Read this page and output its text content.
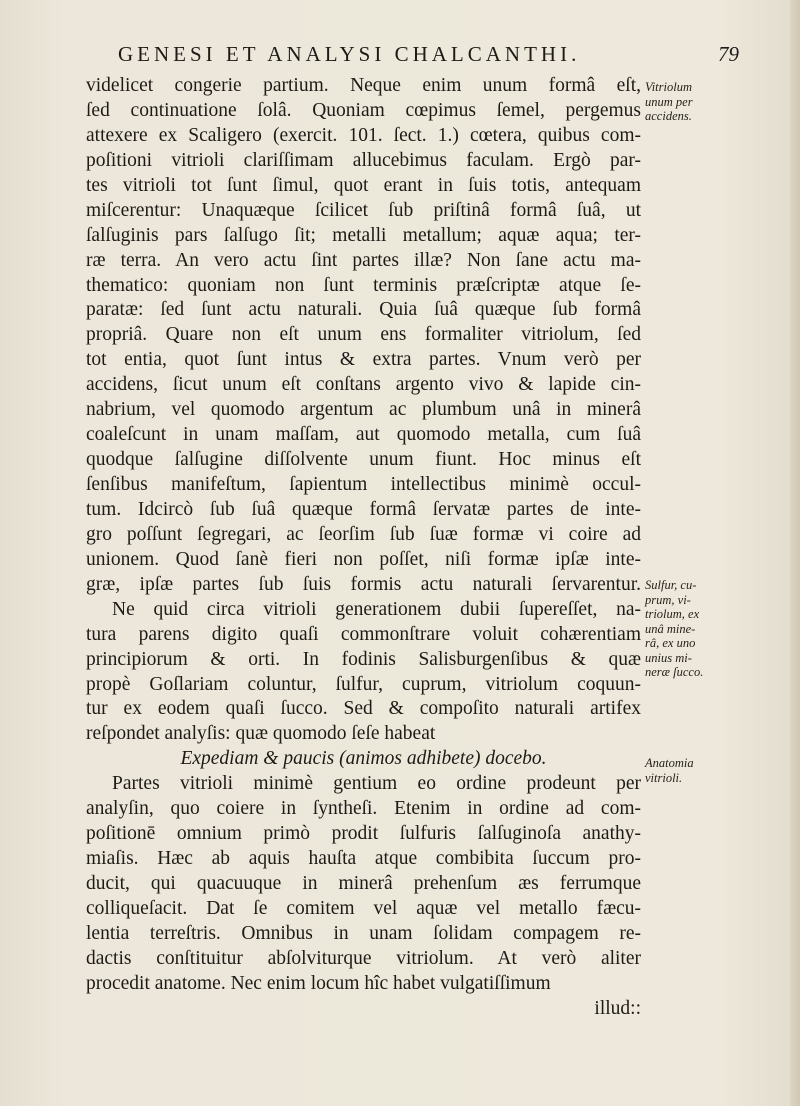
GENESI ET ANALYSI CHALCANTHI.	79
videlicet congerie partium. Neque enim unum formâ eſt,
ſed continuatione ſolâ. Quoniam cœpimus ſemel, pergemus
attexere ex Scaligero (exercit. 101. ſect. 1.) cœtera, quibus com-
poſitioni vitrioli clariſſimam allucebimus faculam. Ergò par-
tes vitrioli tot ſunt ſimul, quot erant in ſuis totis, antequam
miſcerentur: Unaquæque ſcilicet ſub priſtinâ formâ ſuâ, ut
ſalſuginis pars ſalſugo ſit; metalli metallum; aquæ aqua; ter-
ræ terra. An vero actu ſint partes illæ? Non ſane actu ma-
thematico: quoniam non ſunt terminis præſcriptæ atque ſe-
paratæ: ſed ſunt actu naturali. Quia ſuâ quæque ſub formâ
propriâ. Quare non eſt unum ens formaliter vitriolum, ſed
tot entia, quot ſunt intus & extra partes. Vnum verò per
accidens, ſicut unum eſt conſtans argento vivo & lapide cin-
nabrium, vel quomodo argentum ac plumbum unâ in minerâ
coaleſcunt in unam maſſam, aut quomodo metalla, cum ſuâ
quodque ſalſugine diſſolvente unum fiunt. Hoc minus eſt
ſenſibus manifeſtum, ſapientum intellectibus minimè occul-
tum. Idcircò ſub ſuâ quæque formâ ſervatæ partes de inte-
gro poſſunt ſegregari, ac ſeorſim ſub ſuæ formæ vi coire ad
unionem. Quod ſanè fieri non poſſet, niſi formæ ipſæ inte-
græ, ipſæ partes ſub ſuis formis actu naturali ſervarentur.
Ne quid circa vitrioli generationem dubii ſupereſſet, na-
tura parens digito quaſi commonſtrare voluit cohærentiam
principiorum & orti. In fodinis Salisburgenſibus & quæ
propè Goſlariam coluntur, ſulfur, cuprum, vitriolum coquun-
tur ex eodem quaſi ſucco. Sed & compoſito naturali artifex
reſpondet analyſis: quæ quomodo ſeſe habeat
Expediam & paucis (animos adhibete) docebo.
Partes vitrioli minimè gentium eo ordine prodeunt per
analyſin, quo coiere in ſyntheſi. Etenim in ordine ad com-
poſitionē omnium primò prodit ſulfuris ſalſuginoſa anathy-
miaſis. Hæc ab aquis hauſta atque combibita ſuccum pro-
ducit, qui quacuuque in minerâ prehenſum æs ferrumque
colliqueſacit. Dat ſe comitem vel aquæ vel metallo fæcu-
lentia terreſtris. Omnibus in unam ſolidam compagem re-
dactis conſtituitur abſolviturque vitriolum. At verò aliter
procedit anatome. Nec enim locum hîc habet vulgatiſſimum
illud::
Vitriolum
unum per
accidens.
Sulfur, cu-
prum, vi-
triolum, ex
unâ mine-
râ, ex uno
unius mi-
neræ ſucco.
Anatomia
vitrioli.
